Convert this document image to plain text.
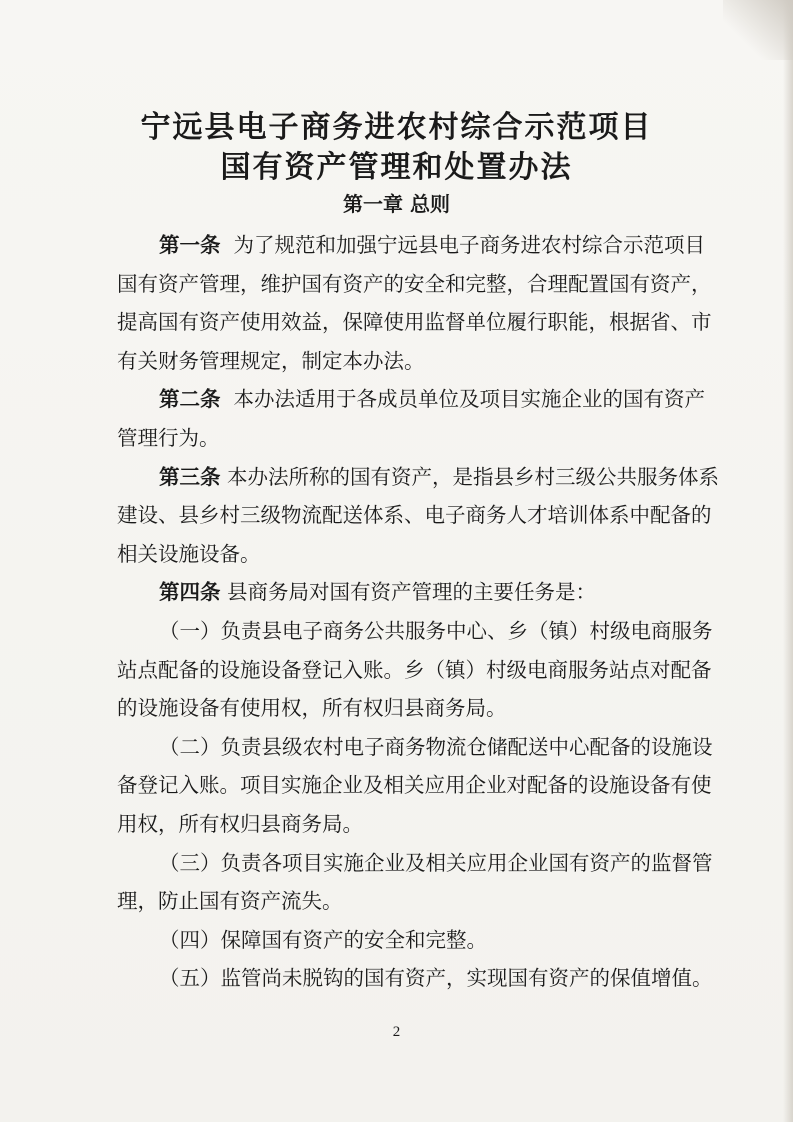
宁远县电子商务进农村综合示范项目
国有资产管理和处置办法
第一章 总则
第一条 为了规范和加强宁远县电子商务进农村综合示范项目
国有资产管理，维护国有资产的安全和完整，合理配置国有资产，
提高国有资产使用效益，保障使用监督单位履行职能，根据省、市
有关财务管理规定，制定本办法。
第二条 本办法适用于各成员单位及项目实施企业的国有资产
管理行为。
第三条 本办法所称的国有资产，是指县乡村三级公共服务体系
建设、县乡村三级物流配送体系、电子商务人才培训体系中配备的
相关设施设备。
第四条 县商务局对国有资产管理的主要任务是：
（一）负责县电子商务公共服务中心、乡（镇）村级电商服务
站点配备的设施设备登记入账。乡（镇）村级电商服务站点对配备
的设施设备有使用权，所有权归县商务局。
（二）负责县级农村电子商务物流仓储配送中心配备的设施设
备登记入账。项目实施企业及相关应用企业对配备的设施设备有使
用权，所有权归县商务局。
（三）负责各项目实施企业及相关应用企业国有资产的监督管
理，防止国有资产流失。
（四）保障国有资产的安全和完整。
（五）监管尚未脱钩的国有资产，实现国有资产的保值增值。
2
